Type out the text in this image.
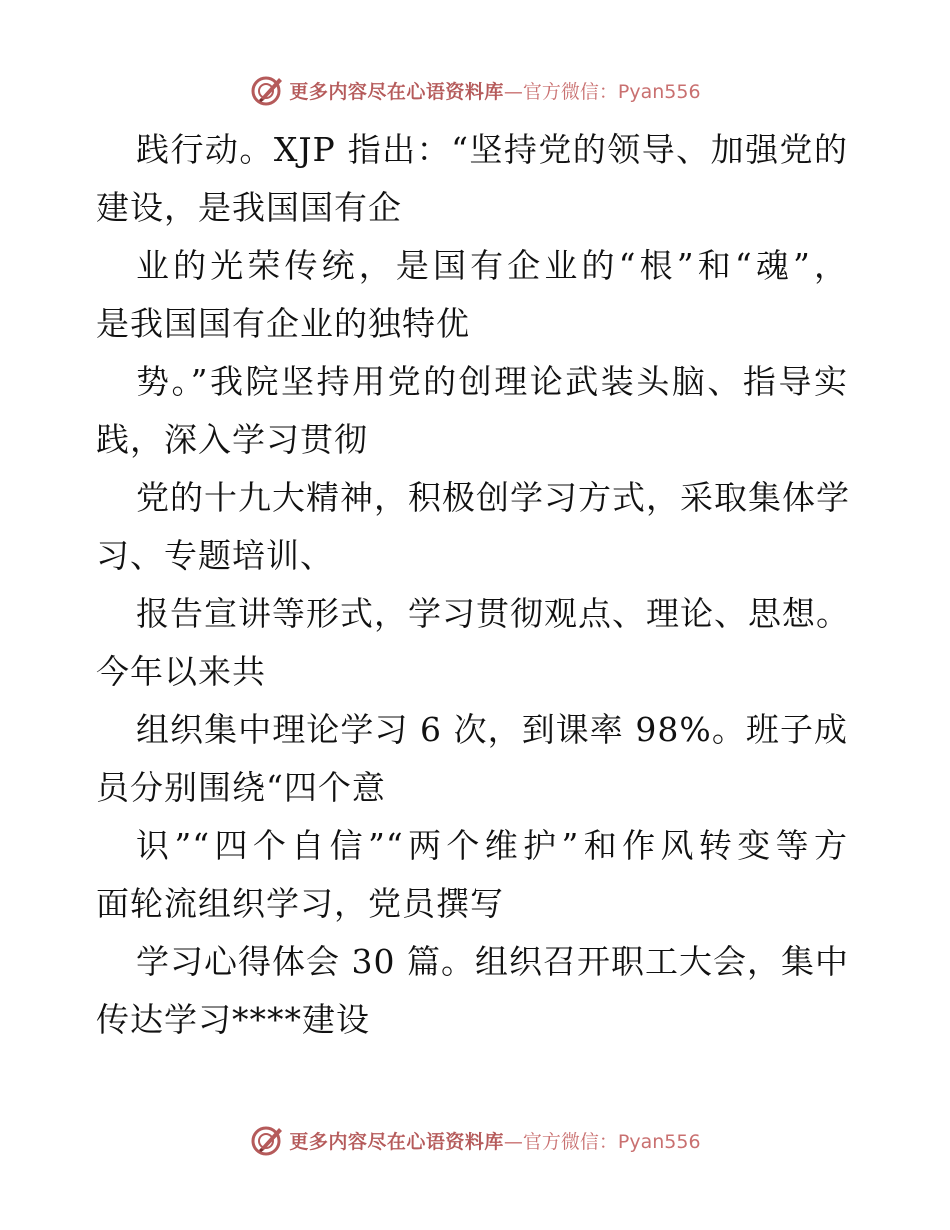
更多内容尽在心语资料库 —官方微信：Pyan556
践行动。XJP 指出：“坚持党的领导、加强党的
建设，是我国国有企
业的光荣传统，是国有企业的“根”和“魂”，
是我国国有企业的独特优
势。”我院坚持用党的创理论武装头脑、指导实
践，深入学习贯彻
党的十九大精神，积极创学习方式，采取集体学
习、专题培训、
报告宣讲等形式，学习贯彻观点、理论、思想。
今年以来共
组织集中理论学习 6 次，到课率 98%。班子成
员分别围绕“四个意
识”“四个自信”“两个维护”和作风转变等方
面轮流组织学习，党员撰写
学习心得体会 30 篇。组织召开职工大会，集中
传达学习****建设
更多内容尽在心语资料库 —官方微信：Pyan556
